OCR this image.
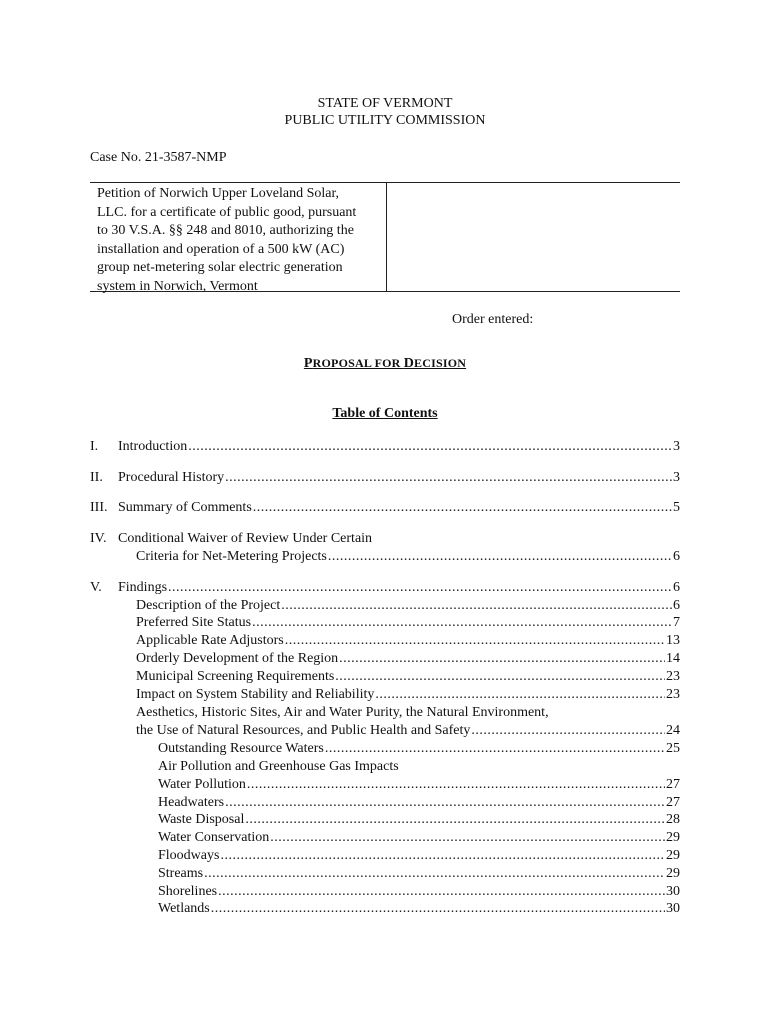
STATE OF VERMONT
PUBLIC UTILITY COMMISSION
Case No. 21-3587-NMP
Petition of Norwich Upper Loveland Solar,
LLC. for a certificate of public good, pursuant
to 30 V.S.A. §§ 248 and 8010, authorizing the
installation and operation of a 500 kW (AC)
group net-metering solar electric generation
system in Norwich, Vermont
Order entered:
PROPOSAL FOR DECISION
Table of Contents
I. Introduction .....	3
II. Procedural History .....	3
III. Summary of Comments .....	5
IV. Conditional Waiver of Review Under Certain
Criteria for Net-Metering Projects .....	6
V. Findings .....	6
Description of the Project .....	6
Preferred Site Status .....	7
Applicable Rate Adjustors .....	13
Orderly Development of the Region .....	14
Municipal Screening Requirements .....	23
Impact on System Stability and Reliability .....	23
Aesthetics, Historic Sites, Air and Water Purity, the Natural Environment,
the Use of Natural Resources, and Public Health and Safety .....	24
Outstanding Resource Waters .....	25
Air Pollution and Greenhouse Gas Impacts
Water Pollution .....	27
Headwaters .....	27
Waste Disposal .....	28
Water Conservation .....	29
Floodways .....	29
Streams .....	29
Shorelines .....	30
Wetlands .....	30
